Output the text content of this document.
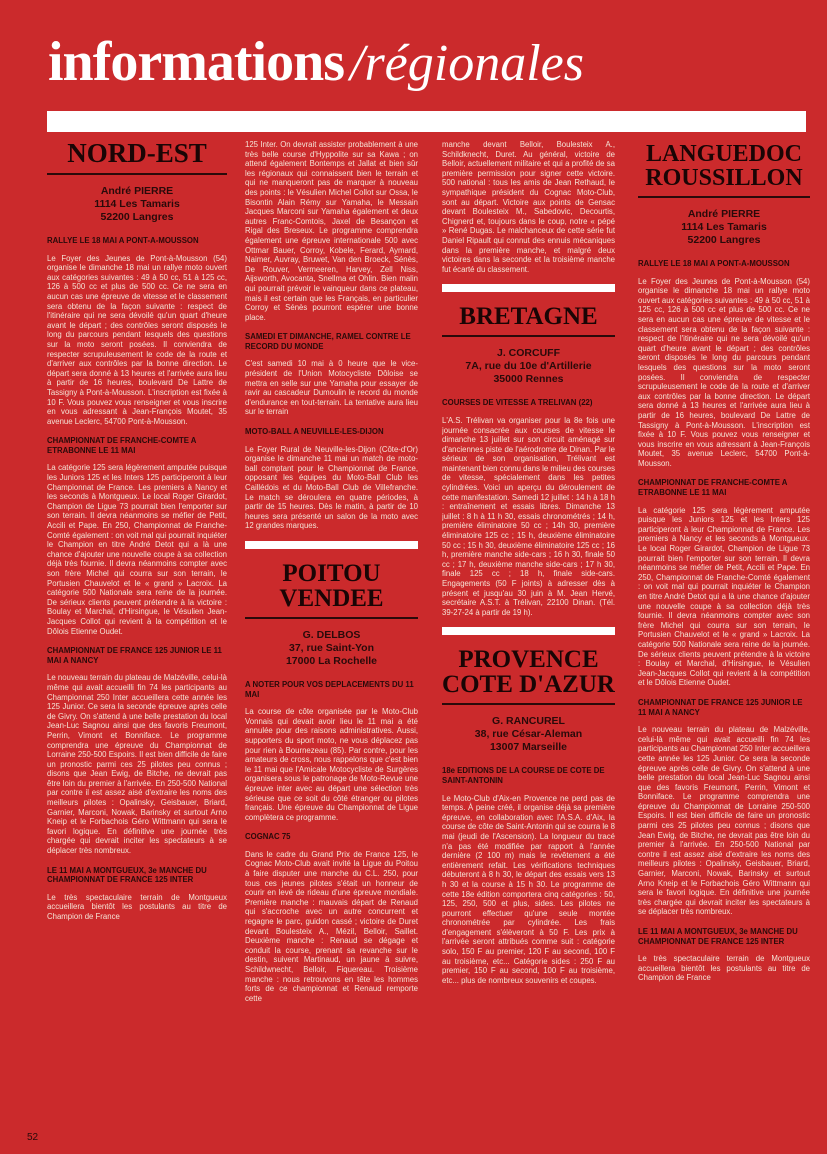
informations /régionales
NORD-EST
André PIERRE
1114 Les Tamaris
52200 Langres
RALLYE LE 18 MAI A PONT-A-MOUSSON
Le Foyer des Jeunes de Pont-à-Mousson (54) organise le dimanche 18 mai un rallye moto ouvert aux catégories suivantes : 49 à 50 cc, 51 à 125 cc, 126 à 500 cc et plus de 500 cc. Ce ne sera en aucun cas une épreuve de vitesse et le classement sera obtenu de la façon suivante : respect de l'itinéraire qui ne sera dévoilé qu'un quart d'heure avant le départ ; des contrôles seront disposés le long du parcours pendant lesquels des questions sur la moto seront posées. Il conviendra de respecter scrupuleusement le code de la route et d'arriver aux contrôles par la bonne direction. Le départ sera donné à 13 heures et l'arrivée aura lieu à partir de 16 heures, boulevard De Lattre de Tassigny à Pont-à-Mousson. L'inscription est fixée à 10 F. Vous pouvez vous renseigner et vous inscrire en vous adressant à Jean-François Moutet, 35 avenue Leclerc, 54700 Pont-à-Mousson.
CHAMPIONNAT DE FRANCHE-COMTE A ETRABONNE LE 11 MAI
La catégorie 125 sera légèrement amputée puisque les Juniors 125 et les Inters 125 participeront à leur Championnat de France. Les premiers à Nancy et les seconds à Montgueux. Le local Roger Girardot, Champion de Ligue 73 pourrait bien l'emporter sur son terrain. Il devra néanmoins se méfier de Petit, Accili et Pape. En 250, Championnat de Franche-Comté également : on voit mal qui pourrait inquiéter le Champion en titre André Detot qui a là une chance d'ajouter une nouvelle coupe à sa collection déjà très fournie. Il devra néanmoins compter avec son frère Michel qui courra sur son terrain, le Portusien Chauvelot et le « grand » Lacroix. La catégorie 500 Nationale sera reine de la journée. De sérieux clients peuvent prétendre à la victoire : Boulay et Marchal, d'Hirsingue, le Vésulien Jean-Jacques Collot qui revient à la compétition et le Dôlois Etienne Oudet.
CHAMPIONNAT DE FRANCE 125 JUNIOR LE 11 MAI A NANCY
Le nouveau terrain du plateau de Malzéville, celui-là même qui avait accueilli fin 74 les participants au Championnat 250 Inter accueillera cette année les 125 Junior. Ce sera la seconde épreuve après celle de Givry. On s'attend à une belle prestation du local Jean-Luc Sagnou ainsi que des favoris Freumont, Perrin, Vimont et Bonniface. Le programme comprendra une épreuve du Championnat de Lorraine 250-500 Espoirs. Il est bien difficile de faire un pronostic parmi ces 25 pilotes peu connus ; disons que Jean Ewig, de Bitche, ne devrait pas être loin du premier à l'arrivée. En 250-500 National par contre il est assez aisé d'extraire les noms des meilleurs pilotes : Opalinsky, Geisbauer, Briard, Garnier, Marconi, Nowak, Barinsky et surtout Arno Kneip et le Forbachois Géro Wittmann qui sera le favori logique. En définitive une journée très chargée qui devrait inciter les spectateurs à se déplacer très nombreux.
LE 11 MAI A MONTGUEUX, 3e MANCHE DU CHAMPIONNAT DE FRANCE 125 INTER
Le très spectaculaire terrain de Montgueux accueillera bientôt les postulants au titre de Champion de France
125 Inter. On devrait assister probablement à une très belle course d'Hyppolite sur sa Kawa ; on attend également Bontemps et Jallat et bien sûr les régionaux qui connaissent bien le terrain et qui ne manqueront pas de marquer à nouveau des points : le Vésulien Michel Collot sur Ossa, le Bisontin Alain Rémy sur Yamaha, le Messain Jacques Marconi sur Yamaha également et deux autres Franc-Comtois, Jaxel de Besançon et Rigal des Breseux. Le programme comprendra également une épreuve internationale 500 avec Ottmar Bauer, Corroy, Kobele, Ferard, Aymard, Naimer, Auvray, Bruwet, Van den Broeck, Sénès, De Rouver, Vermeeren, Harvey, Zell Niss, Aijsworth, Avocanta, Snellma et Ohlin. Bien malin qui pourrait prévoir le vainqueur dans ce plateau, mais il est certain que les Français, en particulier Corroy et Sénès pourront espérer une bonne place.
SAMEDI ET DIMANCHE, RAMEL CONTRE LE RECORD DU MONDE
C'est samedi 10 mai à 0 heure que le vice-président de l'Union Motocycliste Dôloise se mettra en selle sur une Yamaha pour essayer de ravir au cascadeur Dumoulin le record du monde d'endurance en tout-terrain. La tentative aura lieu sur le terrain
MOTO-BALL A NEUVILLE-LES-DIJON
Le Foyer Rural de Neuville-les-Dijon (Côte-d'Or) organise le dimanche 11 mai un match de moto-ball comptant pour le Championnat de France, opposant les équipes du Moto-Ball Club les Caillédois et du Moto-Ball Club de Villefranche. Le match se déroulera en quatre périodes, à partir de 15 heures. Dès le matin, à partir de 10 heures sera présenté un salon de la moto avec 12 grandes marques.
POITOU VENDEE
G. DELBOS
37, rue Saint-Yon
17000 La Rochelle
A NOTER POUR VOS DEPLACEMENTS DU 11 MAI
La course de côte organisée par le Moto-Club Vonnais qui devait avoir lieu le 11 mai a été annulée pour des raisons administratives. Aussi, supporters du sport moto, ne vous déplacez pas pour rien à Bournezeau (85). Par contre, pour les amateurs de cross, nous rappelons que c'est bien le 11 mai que l'Amicale Motocycliste de Surgères organisera sous le patronage de Moto-Revue une épreuve inter avec au départ une sélection très sérieuse que ce soit du côté étranger ou pilotes français. Une épreuve du Championnat de Ligue complètera ce programme.
COGNAC 75
Dans le cadre du Grand Prix de France 125, le Cognac Moto-Club avait invité la Ligue du Poitou à faire disputer une manche du C.L. 250, pour tous ces jeunes pilotes s'était un honneur de courir en levé de rideau d'une épreuve mondiale. Première manche : mauvais départ de Renaud qui s'accroche avec un autre concurrent et regagne le parc, guidon cassé ; victoire de Duret devant Boulesteix A., Mézil, Belloir, Saillet. Deuxième manche : Renaud se dégage et conduit la course, prenant sa revanche sur le destin, suivent Martinaud, un jaune à suivre, Schildwnecht, Belloir, Fiquereau. Troisième manche : nous retrouvons en tête les hommes forts de ce championnat et Renaud remporte cette
manche devant Belloir, Boulesteix A., Schildknecht, Duret. Au général, victoire de Belloir, actuellement militaire et qui a profité de sa première permission pour signer cette victoire. 500 national : tous les amis de Jean Rethaud, le sympathique président du Cognac Moto-Club, sont au départ. Victoire aux points de Gensac devant Boulesteix M., Sabedovic, Decourtis, Chignerd et, toujours dans le coup, notre « pépé » René Dugas. Le malchanceux de cette série fut Daniel Ripault qui connut des ennuis mécaniques dans la première manche, et malgré deux victoires dans la seconde et la troisième manche fut écarté du classement.
BRETAGNE
J. CORCUFF
7A, rue du 10e d'Artillerie
35000 Rennes
COURSES DE VITESSE A TRELIVAN (22)
L'A.S. Trélivan va organiser pour la 8e fois une journée consacrée aux courses de vitesse le dimanche 13 juillet sur son circuit aménagé sur d'anciennes piste de l'aérodrome de Dinan. Par le sérieux de son organisation, Trélivant est maintenant bien connu dans le milieu des courses de vitesse, spécialement dans les petites cylindrées. Voici un aperçu du déroulement de cette manifestation. Samedi 12 juillet : 14 h à 18 h : entraînement et essais libres. Dimanche 13 juillet : 8 h à 11 h 30, essais chronométrés ; 14 h, première éliminatoire 50 cc ; 14h 30, première éliminatoire 125 cc ; 15 h, deuxième éliminatoire 50 cc ; 15 h 30, deuxième éliminatoire 125 cc ; 16 h, première manche side-cars ; 16 h 30, finale 50 cc ; 17 h, deuxième manche side-cars ; 17 h 30, finale 125 cc ; 18 h, finale side-cars. Engagements (50 F joints) à adresser dès à présent et jusqu'au 30 juin à M. Jean Hervé, secrétaire A.S.T. à Trélivan, 22100 Dinan. (Tél. 39-27-24 à partir de 19 h).
PROVENCE COTE D'AZUR
G. RANCUREL
38, rue César-Aleman
13007 Marseille
18e EDITIONS DE LA COURSE DE COTE DE SAINT-ANTONIN
Le Moto-Club d'Aix-en Provence ne perd pas de temps. À peine créé, il organise déjà sa première épreuve, en collaboration avec l'A.S.A. d'Aix, la course de côte de Saint-Antonin qui se courra le 8 mai (jeudi de l'Ascension). La longueur du tracé n'a pas été modifiée par rapport à l'année dernière (2 100 m) mais le revêtement a été entièrement refait. Les vérifications techniques débuteront à 8 h 30, le départ des essais vers 13 h 30 et la course à 15 h 30. Le programme de cette 18e édition comportera cinq catégories : 50, 125, 250, 500 et plus, sides. Les pilotes ne pourront effectuer qu'une seule montée chronométrée par cylindrée. Les frais d'engagement s'élèveront à 50 F. Les prix à l'arrivée seront attribués comme suit : catégorie solo, 150 F au premier, 120 F au second, 100 F au troisième, etc... Catégorie sides : 250 F au premier, 150 F au second, 100 F au troisième, etc... plus de nombreux souvenirs et coupes.
LANGUEDOC ROUSSILLON
André PIERRE
1114 Les Tamaris
52200 Langres
RALLYE LE 18 MAI A PONT-A-MOUSSON
Le Foyer des Jeunes de Pont-à-Mousson (54) organise le dimanche 18 mai un rallye moto ouvert aux catégories suivantes : 49 à 50 cc, 51 à 125 cc, 126 à 500 cc et plus de 500 cc. Ce ne sera en aucun cas une épreuve de vitesse et le classement sera obtenu de la façon suivante : respect de l'itinéraire qui ne sera dévoilé qu'un quart d'heure avant le départ ; des contrôles seront disposés le long du parcours pendant lesquels des questions sur la moto seront posées. Il conviendra de respecter scrupuleusement le code de la route et d'arriver aux contrôles par la bonne direction. Le départ sera donné à 13 heures et l'arrivée aura lieu à partir de 16 heures, boulevard De Lattre de Tassigny à Pont-à-Mousson. L'inscription est fixée à 10 F. Vous pouvez vous renseigner et vous inscrire en vous adressant à Jean-François Moutet, 35 avenue Leclerc, 54700 Pont-à-Mousson.
CHAMPIONNAT DE FRANCHE-COMTE A ETRABONNE LE 11 MAI
La catégorie 125 sera légèrement amputée puisque les Juniors 125 et les Inters 125 participeront à leur Championnat de France. Les premiers à Nancy et les seconds à Montgueux. Le local Roger Girardot, Champion de Ligue 73 pourrait bien l'emporter sur son terrain. Il devra néanmoins se méfier de Petit, Accili et Pape. En 250, Championnat de Franche-Comté également : on voit mal qui pourrait inquiéter le Champion en titre André Detot qui a là une chance d'ajouter une nouvelle coupe à sa collection déjà très fournie. Il devra néanmoins compter avec son frère Michel qui courra sur son terrain, le Portusien Chauvelot et le « grand » Lacroix. La catégorie 500 Nationale sera reine de la journée. De sérieux clients peuvent prétendre à la victoire : Boulay et Marchal, d'Hirsingue, le Vésulien Jean-Jacques Collot qui revient à la compétition et le Dôlois Etienne Oudet.
CHAMPIONNAT DE FRANCE 125 JUNIOR LE 11 MAI A NANCY
Le nouveau terrain du plateau de Malzéville, celui-là même qui avait accueilli fin 74 les participants au Championnat 250 Inter accueillera cette année les 125 Junior. Ce sera la seconde épreuve après celle de Givry. On s'attend à une belle prestation du local Jean-Luc Sagnou ainsi que des favoris Freumont, Perrin, Vimont et Bonniface. Le programme comprendra une épreuve du Championnat de Lorraine 250-500 Espoirs. Il est bien difficile de faire un pronostic parmi ces 25 pilotes peu connus ; disons que Jean Ewig, de Bitche, ne devrait pas être loin du premier à l'arrivée. En 250-500 National par contre il est assez aisé d'extraire les noms des meilleurs pilotes : Opalinsky, Geisbauer, Briard, Garnier, Marconi, Nowak, Barinsky et surtout Arno Kneip et le Forbachois Géro Wittmann qui sera le favori logique. En définitive une journée très chargée qui devrait inciter les spectateurs à se déplacer très nombreux.
LE 11 MAI A MONTGUEUX, 3e MANCHE DU CHAMPIONNAT DE FRANCE 125 INTER
Le très spectaculaire terrain de Montgueux accueillera bientôt les postulants au titre de Champion de France
52
